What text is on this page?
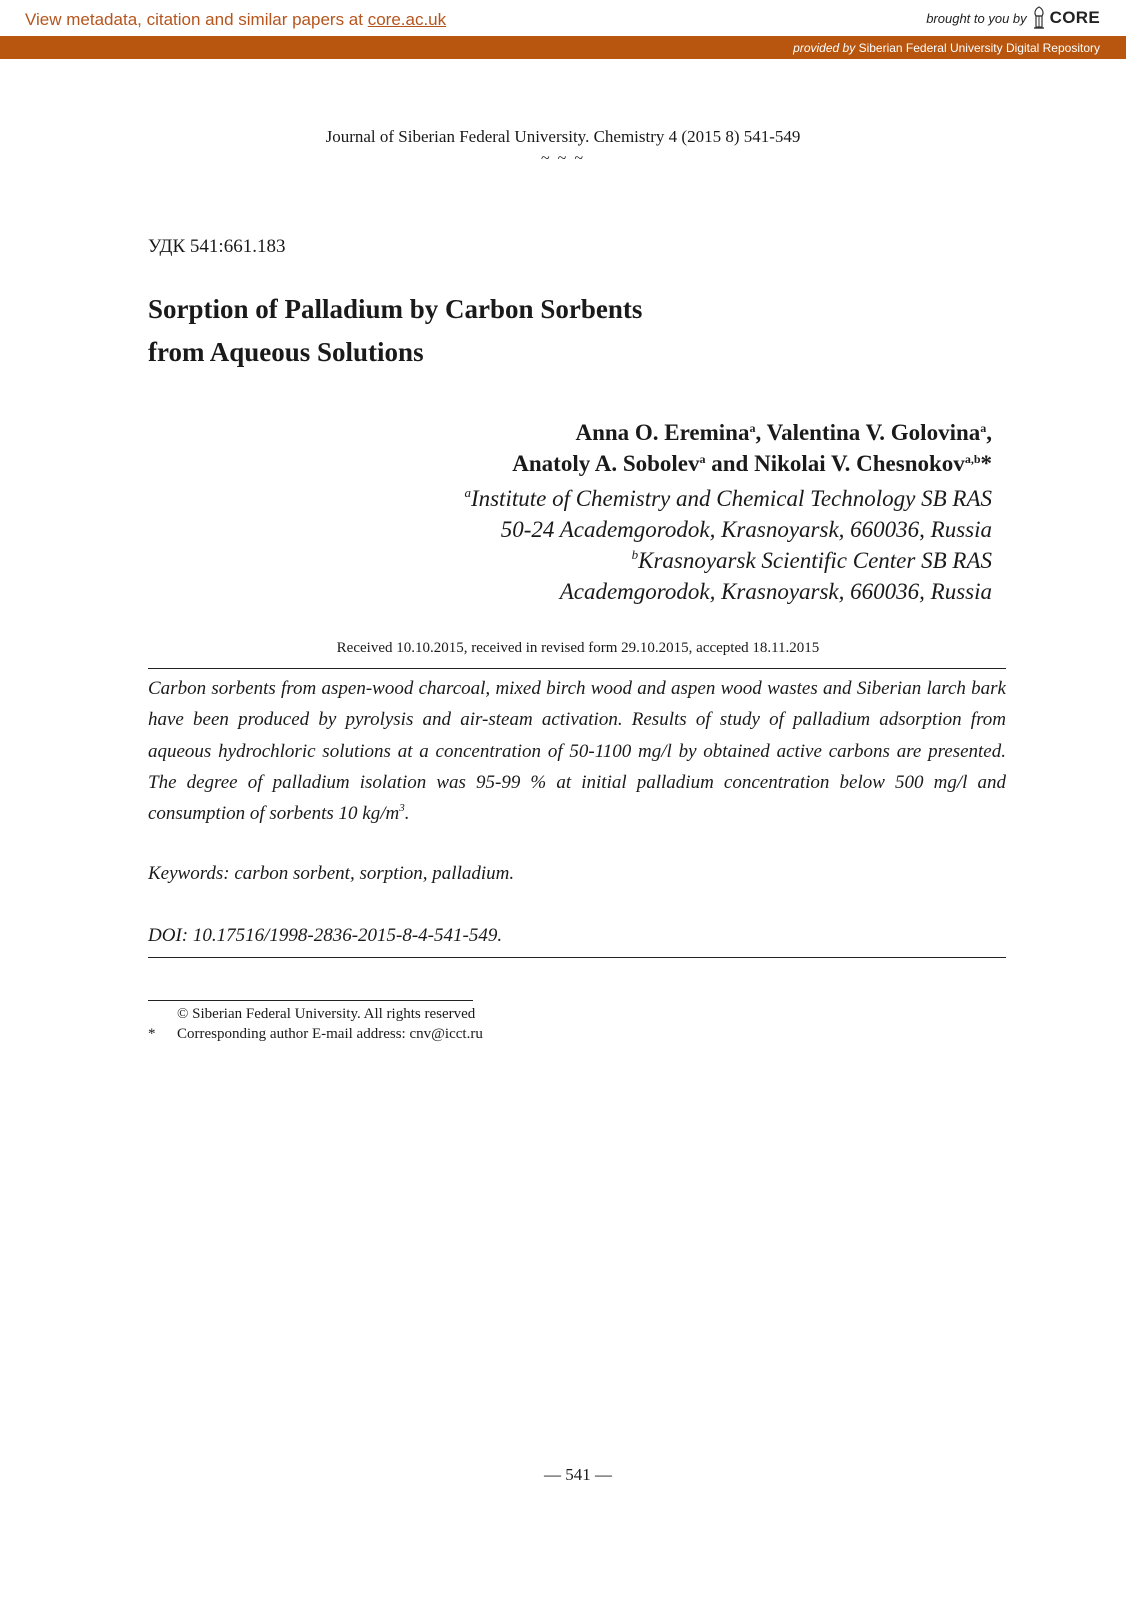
View metadata, citation and similar papers at core.ac.uk	brought to you by CORE
provided by Siberian Federal University Digital Repository
Journal of Siberian Federal University. Chemistry 4 (2015 8) 541-549
~ ~ ~
УДК 541:661.183
Sorption of Palladium by Carbon Sorbents
from Aqueous Solutions
Anna O. Eremina$^a$, Valentina V. Golovina$^a$,
Anatoly A. Sobolev$^a$ and Nikolai V. Chesnokov$^{a,b}$*
$^a$Institute of Chemistry and Chemical Technology SB RAS
50-24 Academgorodok, Krasnoyarsk, 660036, Russia
$^b$Krasnoyarsk Scientific Center SB RAS
Academgorodok, Krasnoyarsk, 660036, Russia
Received 10.10.2015, received in revised form 29.10.2015, accepted 18.11.2015
Carbon sorbents from aspen-wood charcoal, mixed birch wood and aspen wood wastes and Siberian larch bark have been produced by pyrolysis and air-steam activation. Results of study of palladium adsorption from aqueous hydrochloric solutions at a concentration of 50-1100 mg/l by obtained active carbons are presented. The degree of palladium isolation was 95-99 % at initial palladium concentration below 500 mg/l and consumption of sorbents 10 $kg/m^3$.
Keywords: carbon sorbent, sorption, palladium.
DOI: 10.17516/1998-2836-2015-8-4-541-549.
© Siberian Federal University. All rights reserved
*	Corresponding author E-mail address: cnv@icct.ru
— 541 —
